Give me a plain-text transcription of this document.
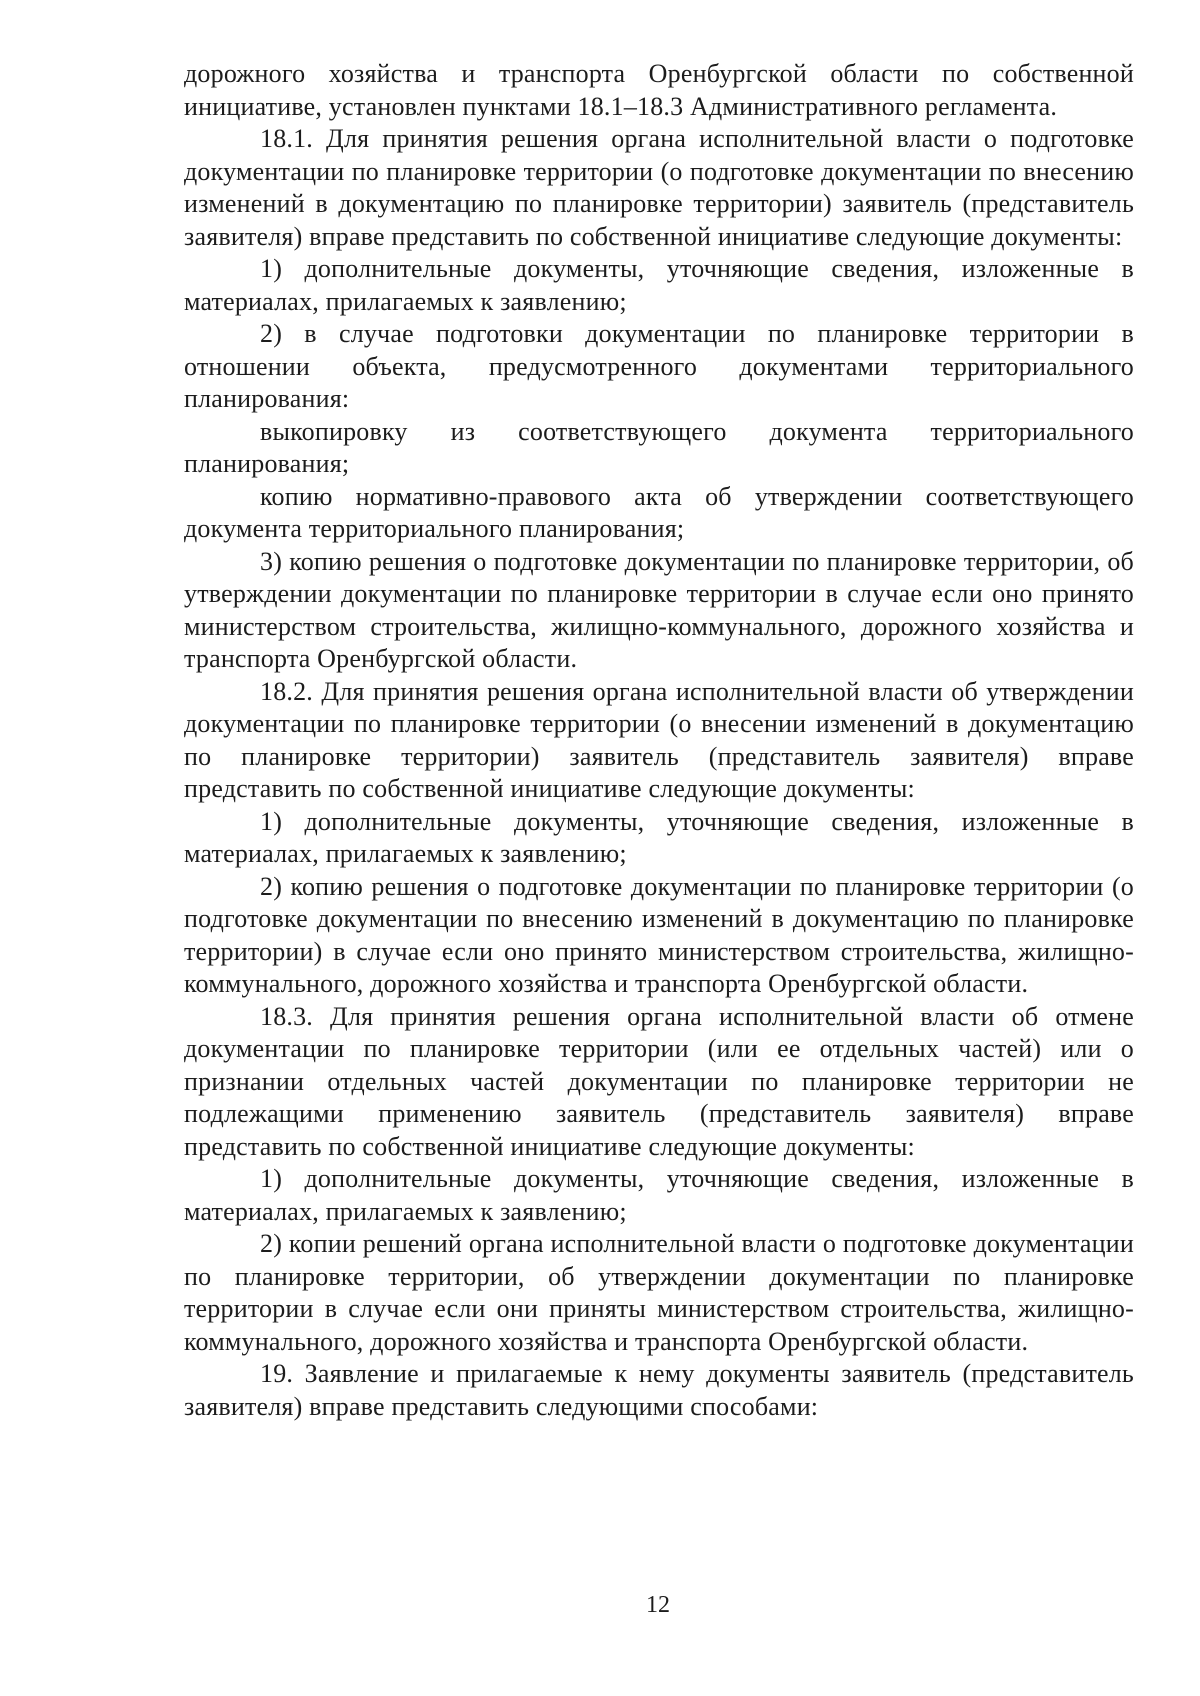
дорожного хозяйства и транспорта Оренбургской области по собственной инициативе, установлен пунктами 18.1–18.3 Административного регламента.

18.1. Для принятия решения органа исполнительной власти о подготовке документации по планировке территории (о подготовке документации по внесению изменений в документацию по планировке территории) заявитель (представитель заявителя) вправе представить по собственной инициативе следующие документы:

1) дополнительные документы, уточняющие сведения, изложенные в материалах, прилагаемых к заявлению;

2) в случае подготовки документации по планировке территории в отношении объекта, предусмотренного документами территориального планирования:

выкопировку из соответствующего документа территориального планирования;

копию нормативно-правового акта об утверждении соответствующего документа территориального планирования;

3) копию решения о подготовке документации по планировке территории, об утверждении документации по планировке территории в случае если оно принято министерством строительства, жилищно-коммунального, дорожного хозяйства и транспорта Оренбургской области.

18.2. Для принятия решения органа исполнительной власти об утверждении документации по планировке территории (о внесении изменений в документацию по планировке территории) заявитель (представитель заявителя) вправе представить по собственной инициативе следующие документы:

1) дополнительные документы, уточняющие сведения, изложенные в материалах, прилагаемых к заявлению;

2) копию решения о подготовке документации по планировке территории (о подготовке документации по внесению изменений в документацию по планировке территории) в случае если оно принято министерством строительства, жилищно-коммунального, дорожного хозяйства и транспорта Оренбургской области.

18.3. Для принятия решения органа исполнительной власти об отмене документации по планировке территории (или ее отдельных частей) или о признании отдельных частей документации по планировке территории не подлежащими применению заявитель (представитель заявителя) вправе представить по собственной инициативе следующие документы:

1) дополнительные документы, уточняющие сведения, изложенные в материалах, прилагаемых к заявлению;

2) копии решений органа исполнительной власти о подготовке документации по планировке территории, об утверждении документации по планировке территории в случае если они приняты министерством строительства, жилищно-коммунального, дорожного хозяйства и транспорта Оренбургской области.

19. Заявление и прилагаемые к нему документы заявитель (представитель заявителя) вправе представить следующими способами:

12
